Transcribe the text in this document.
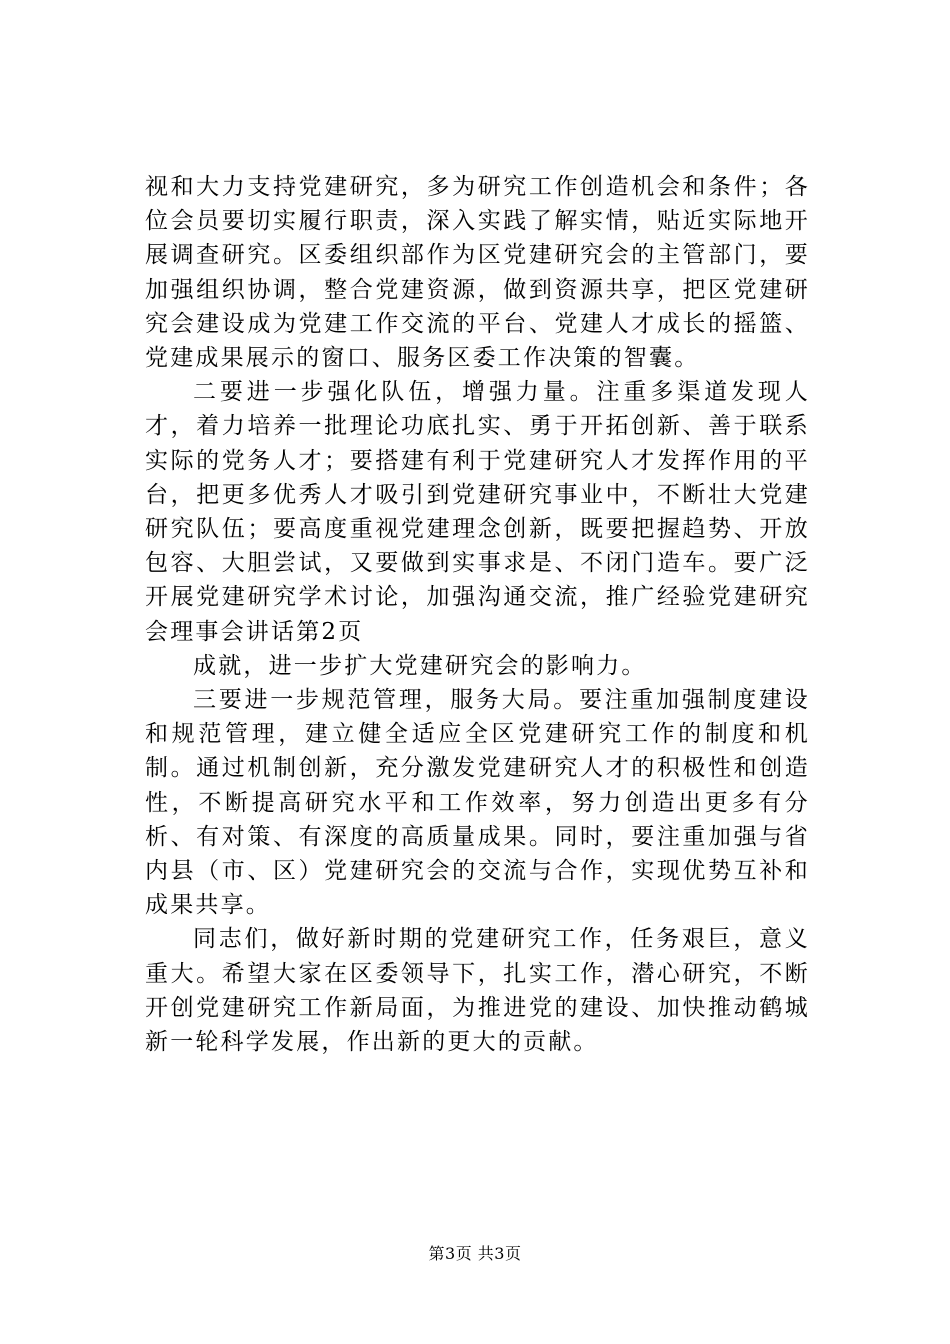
视和大力支持党建研究，多为研究工作创造机会和条件；各位会员要切实履行职责，深入实践了解实情，贴近实际地开展调查研究。区委组织部作为区党建研究会的主管部门，要加强组织协调，整合党建资源，做到资源共享，把区党建研究会建设成为党建工作交流的平台、党建人才成长的摇篮、党建成果展示的窗口、服务区委工作决策的智囊。

二要进一步强化队伍，增强力量。注重多渠道发现人才，着力培养一批理论功底扎实、勇于开拓创新、善于联系实际的党务人才；要搭建有利于党建研究人才发挥作用的平台，把更多优秀人才吸引到党建研究事业中，不断壮大党建研究队伍；要高度重视党建理念创新，既要把握趋势、开放包容、大胆尝试，又要做到实事求是、不闭门造车。要广泛开展党建研究学术讨论，加强沟通交流，推广经验党建研究会理事会讲话第2页

成就，进一步扩大党建研究会的影响力。

三要进一步规范管理，服务大局。要注重加强制度建设和规范管理，建立健全适应全区党建研究工作的制度和机制。通过机制创新，充分激发党建研究人才的积极性和创造性，不断提高研究水平和工作效率，努力创造出更多有分析、有对策、有深度的高质量成果。同时，要注重加强与省内县（市、区）党建研究会的交流与合作，实现优势互补和成果共享。

同志们，做好新时期的党建研究工作，任务艰巨，意义重大。希望大家在区委领导下，扎实工作，潜心研究，不断开创党建研究工作新局面，为推进党的建设、加快推动鹤城新一轮科学发展，作出新的更大的贡献。

第3页 共3页
